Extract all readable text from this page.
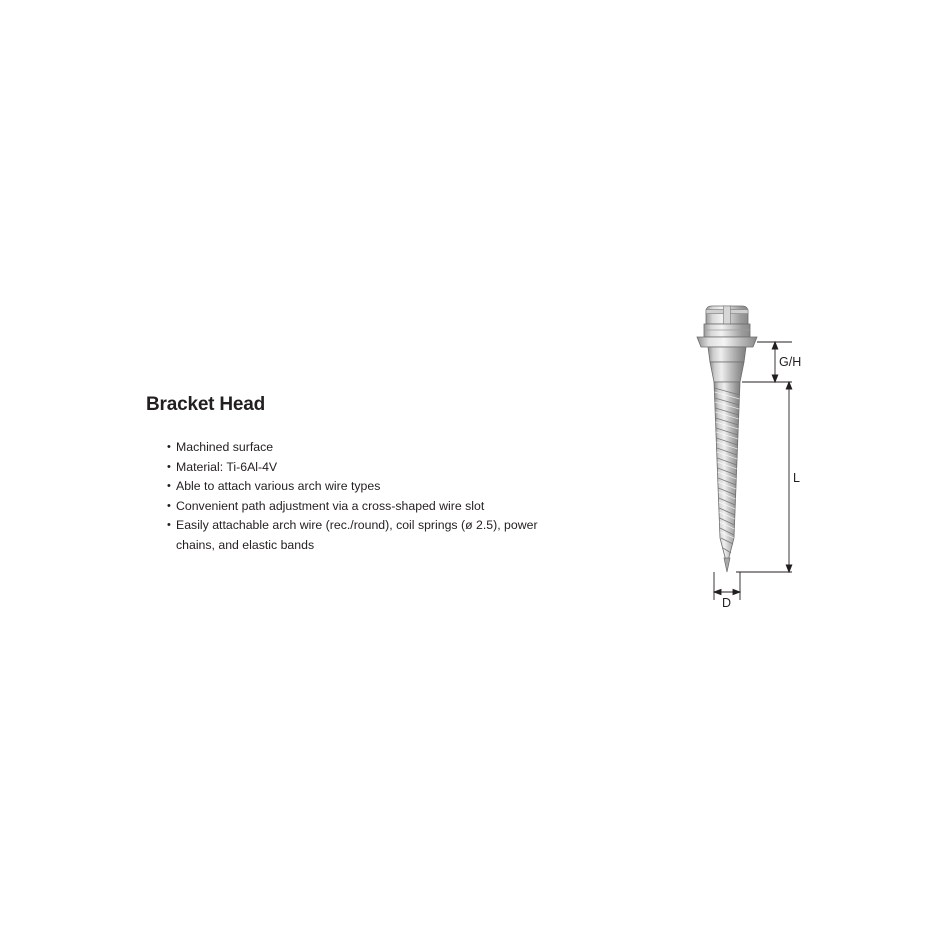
Bracket Head
• Machined surface
• Material: Ti-6Al-4V
• Able to attach various arch wire types
• Convenient path adjustment via a cross-shaped wire slot
• Easily attachable arch wire (rec./round), coil springs (ø 2.5), power chains, and elastic bands
G/H
L
D
